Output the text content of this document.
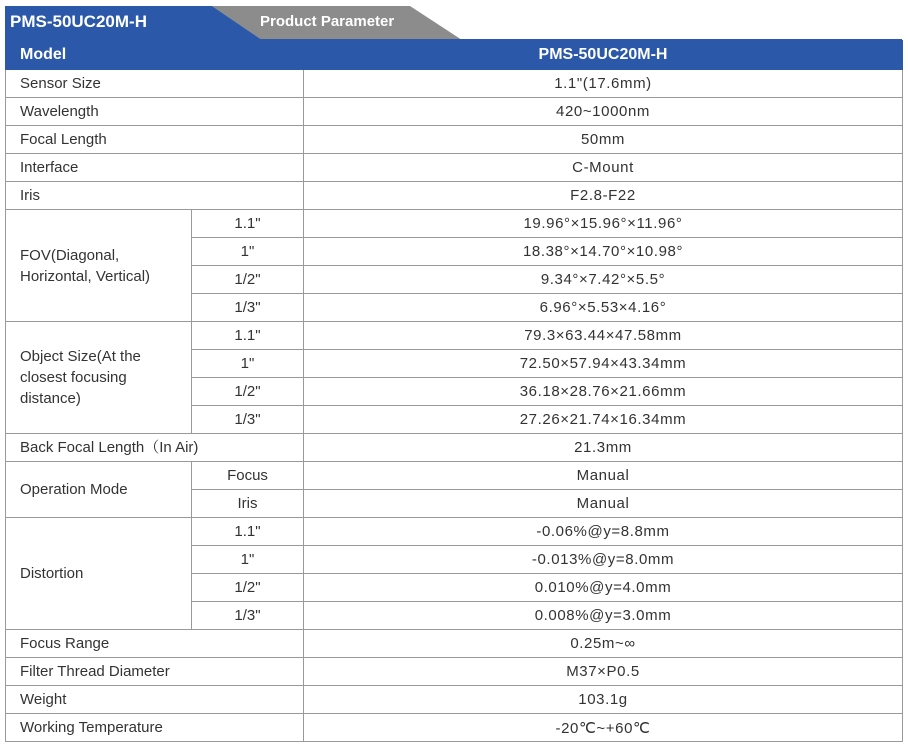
PMS-50UC20M-H	Product Parameter
Model		PMS-50UC20M-H
Sensor Size		1.1"(17.6mm)
Wavelength		420~1000nm
Focal Length		50mm
Interface		C-Mount
Iris		F2.8-F22
FOV(Diagonal, Horizontal, Vertical)	1.1"	19.96°×15.96°×11.96°
	1"	18.38°×14.70°×10.98°
	1/2"	9.34°×7.42°×5.5°
	1/3"	6.96°×5.53×4.16°
Object Size(At the closest focusing distance)	1.1"	79.3×63.44×47.58mm
	1"	72.50×57.94×43.34mm
	1/2"	36.18×28.76×21.66mm
	1/3"	27.26×21.74×16.34mm
Back Focal Length（In Air)		21.3mm
Operation Mode	Focus	Manual
	Iris	Manual
Distortion	1.1"	-0.06%@y=8.8mm
	1"	-0.013%@y=8.0mm
	1/2"	0.010%@y=4.0mm
	1/3"	0.008%@y=3.0mm
Focus Range		0.25m~∞
Filter Thread Diameter		M37×P0.5
Weight		103.1g
Working Temperature		-20℃~+60℃
